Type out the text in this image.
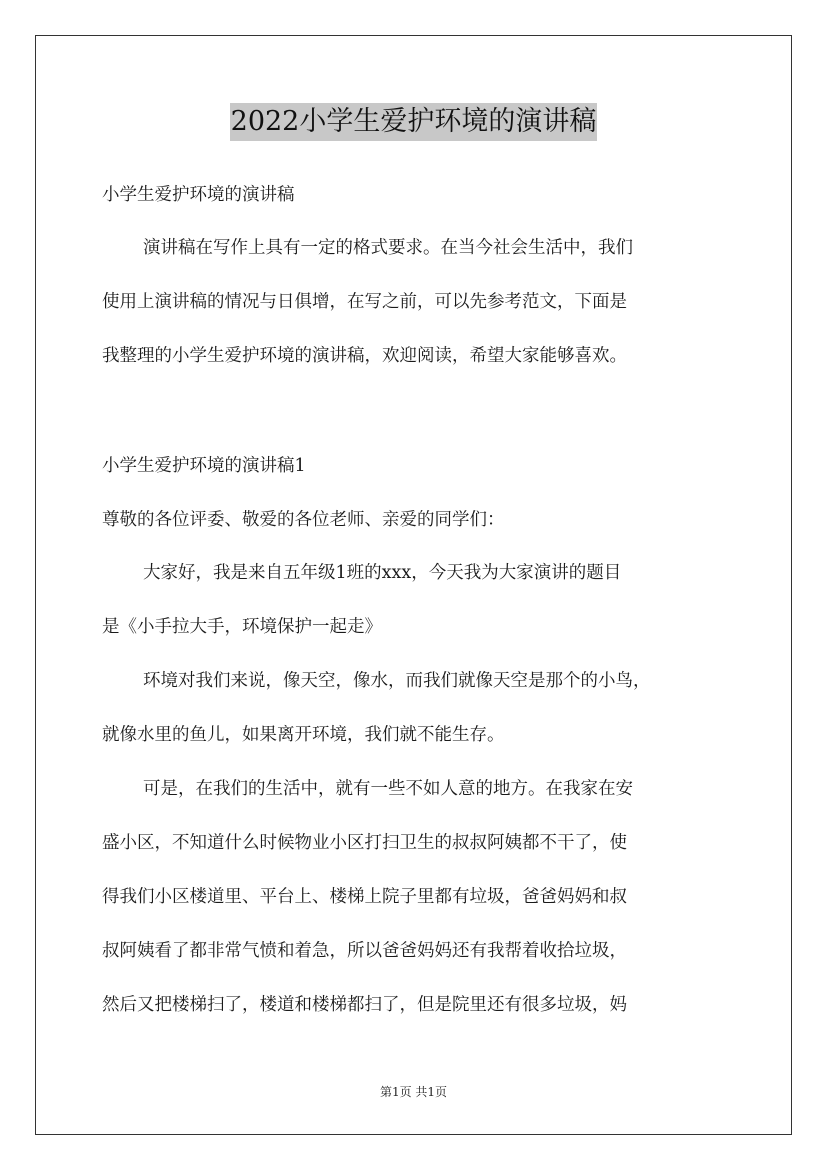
2022小学生爱护环境的演讲稿
小学生爱护环境的演讲稿
演讲稿在写作上具有一定的格式要求。在当今社会生活中，我们
使用上演讲稿的情况与日俱增，在写之前，可以先参考范文，下面是
我整理的小学生爱护环境的演讲稿，欢迎阅读，希望大家能够喜欢。
小学生爱护环境的演讲稿1
尊敬的各位评委、敬爱的各位老师、亲爱的同学们：
大家好，我是来自五年级1班的xxx，今天我为大家演讲的题目
是《小手拉大手，环境保护一起走》
环境对我们来说，像天空，像水，而我们就像天空是那个的小鸟，
就像水里的鱼儿，如果离开环境，我们就不能生存。
可是，在我们的生活中，就有一些不如人意的地方。在我家在安
盛小区，不知道什么时候物业小区打扫卫生的叔叔阿姨都不干了，使
得我们小区楼道里、平台上、楼梯上院子里都有垃圾，爸爸妈妈和叔
叔阿姨看了都非常气愤和着急，所以爸爸妈妈还有我帮着收拾垃圾，
然后又把楼梯扫了，楼道和楼梯都扫了，但是院里还有很多垃圾，妈
第1页 共1页
